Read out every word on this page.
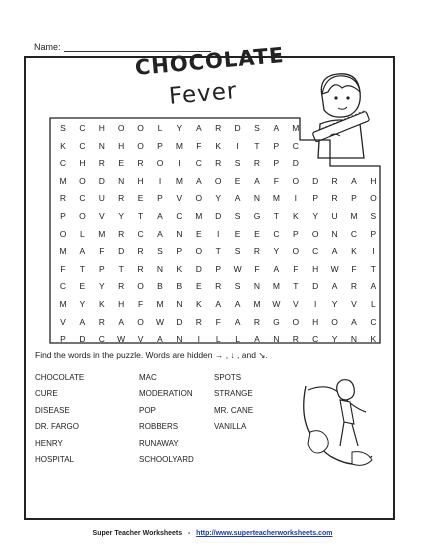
Name:	CHOCOLATE
Fever
S	C	H	O	O	L	Y	A	R	D	S	A	M
K	C	N	H	O	P	M	F	K	I	T	P	C
C	H	R	E	R	O	I	C	R	S	R	P	D
M	O	D	N	H	I	M	A	O	E	A	F	O	D	R	A	H
R	C	U	R	E	P	V	O	Y	A	N	M	I	P	R	P	O
P	O	V	Y	T	A	C	M	D	S	G	T	K	Y	U	M	S
O	L	M	R	C	A	N	E	I	E	E	C	P	O	N	C	P
M	A	F	D	R	S	P	O	T	S	R	Y	O	C	A	K	I
F	T	P	T	R	N	K	D	P	W	F	A	F	H	W	F	T
C	E	Y	R	O	B	B	E	R	S	N	M	T	D	A	R	A
M	Y	K	H	F	M	N	K	A	A	M	W	V	I	Y	V	L
V	A	R	A	O	W	D	R	F	A	R	G	O	H	O	A	C
P	D	C	W	V	A	N	I	L	L	A	N	R	C	Y	N	K
Find the words in the puzzle. Words are hidden → , ↓ , and ↘.
CHOCOLATE
CURE
DISEASE
DR. FARGO
HENRY
HOSPITAL
MAC
MODERATION
POP
ROBBERS
RUNAWAY
SCHOOLYARD
SPOTS
STRANGE
MR. CANE
VANILLA
Super Teacher Worksheets - http://www.superteacherworksheets.com
